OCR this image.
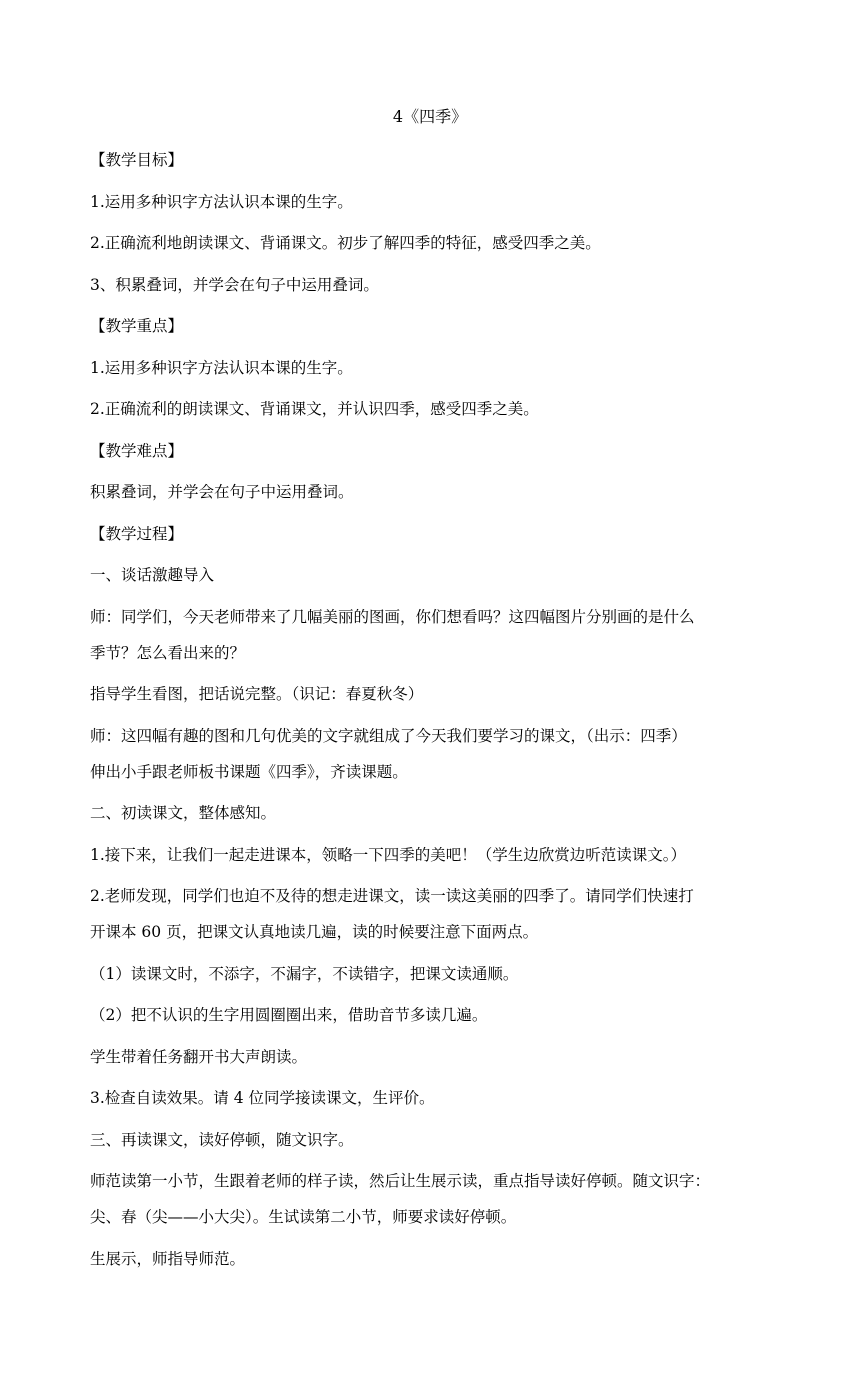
4《四季》
【教学目标】
1.运用多种识字方法认识本课的生字。
2.正确流利地朗读课文、背诵课文。初步了解四季的特征，感受四季之美。
3、积累叠词，并学会在句子中运用叠词。
【教学重点】
1.运用多种识字方法认识本课的生字。
2.正确流利的朗读课文、背诵课文，并认识四季，感受四季之美。
【教学难点】
积累叠词，并学会在句子中运用叠词。
【教学过程】
一、谈话激趣导入
师：同学们，今天老师带来了几幅美丽的图画，你们想看吗？这四幅图片分别画的是什么
季节？怎么看出来的？
指导学生看图，把话说完整。（识记：春夏秋冬）
师：这四幅有趣的图和几句优美的文字就组成了今天我们要学习的课文，（出示：四季）
伸出小手跟老师板书课题《四季》，齐读课题。
二、初读课文，整体感知。
1.接下来，让我们一起走进课本，领略一下四季的美吧！（学生边欣赏边听范读课文。）
2.老师发现，同学们也迫不及待的想走进课文，读一读这美丽的四季了。请同学们快速打
开课本 60 页，把课文认真地读几遍，读的时候要注意下面两点。
（1）读课文时，不添字，不漏字，不读错字，把课文读通顺。
（2）把不认识的生字用圆圈圈出来，借助音节多读几遍。
学生带着任务翻开书大声朗读。
3.检查自读效果。请 4 位同学接读课文，生评价。
三、再读课文，读好停顿，随文识字。
师范读第一小节，生跟着老师的样子读，然后让生展示读，重点指导读好停顿。随文识字：
尖、春（尖——小大尖）。生试读第二小节，师要求读好停顿。
生展示，师指导师范。
